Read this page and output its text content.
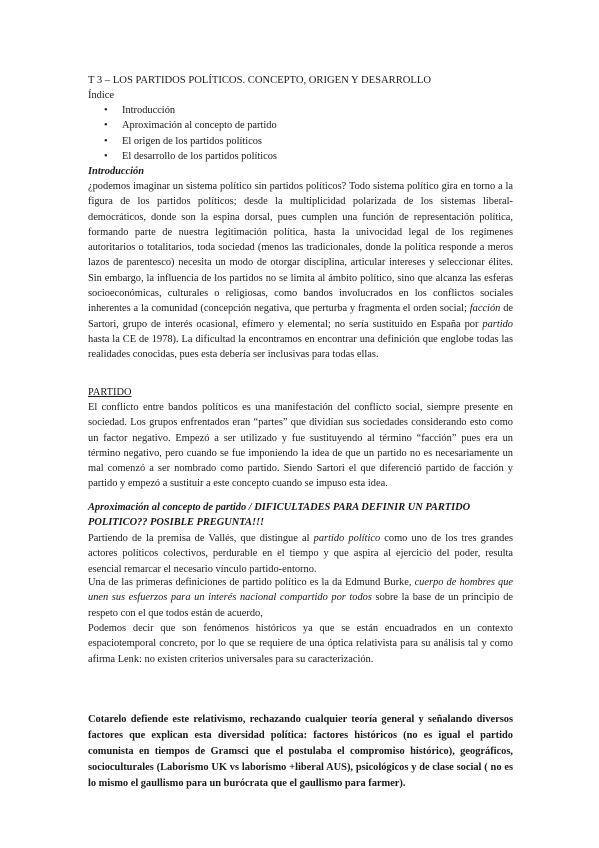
T 3 – LOS PARTIDOS POLÍTICOS. CONCEPTO, ORIGEN Y DESARROLLO
Índice
• Introducción
• Aproximación al concepto de partido
• El origen de los partidos políticos
• El desarrollo de los partidos políticos
Introducción

¿podemos imaginar un sistema político sin partidos políticos? Todo sistema político gira en torno a la figura de los partidos políticos; desde la multiplicidad polarizada de los sistemas liberal-democráticos, donde son la espina dorsal, pues cumplen una función de representación política, formando parte de nuestra legitimación política, hasta la univocidad legal de los regímenes autoritarios o totalitarios, toda sociedad (menos las tradicionales, donde la política responde a meros lazos de parentesco) necesita un modo de otorgar disciplina, articular intereses y seleccionar élites. Sin embargo, la influencia de los partidos no se limita al ámbito político, sino que alcanza las esferas socioeconómicas, culturales o religiosas, como bandos involucrados en los conflictos sociales inherentes a la comunidad (concepción negativa, que perturba y fragmenta el orden social; facción de Sartori, grupo de interés ocasional, efímero y elemental; no sería sustituido en España por partido hasta la CE de 1978). La dificultad la encontramos en encontrar una definición que englobe todas las realidades conocidas, pues esta debería ser inclusivas para todas ellas.

PARTIDO

El conflicto entre bandos políticos es una manifestación del conflicto social, siempre presente en sociedad. Los grupos enfrentados eran “partes” que dividían sus sociedades considerando esto como un factor negativo. Empezó a ser utilizado y fue sustituyendo al término “facción” pues era un término negativo, pero cuando se fue imponiendo la idea de que un partido no es necesariamente un mal comenzó a ser nombrado como partido. Siendo Sartori el que diferenció partido de facción y partido y empezó a sustituir a este concepto cuando se impuso esta idea.

Aproximación al concepto de partido / DIFICULTADES PARA DEFINIR UN PARTIDO POLITICO?? POSIBLE PREGUNTA!!!

Partiendo de la premisa de Vallés, que distingue al partido político como uno de los tres grandes actores políticos colectivos, perdurable en el tiempo y que aspira al ejercicio del poder, resulta esencial remarcar el necesario vínculo partido-entorno.

Una de las primeras definiciones de partido político es la da Edmund Burke, cuerpo de hombres que unen sus esfuerzos para un interés nacional compartido por todos sobre la base de un principio de respeto con el que todos están de acuerdo,

Podemos decir que son fenómenos históricos ya que se están encuadrados en un contexto espaciotemporal concreto, por lo que se requiere de una óptica relativista para su análisis tal y como afirma Lenk: no existen criterios universales para su caracterización.

Cotarelo defiende este relativismo, rechazando cualquier teoría general y señalando diversos factores que explican esta diversidad política: factores históricos (no es igual el partido comunista en tiempos de Gramsci que el postulaba el compromiso histórico), geográficos, socioculturales (Laborismo UK vs laborismo +liberal AUS), psicológicos y de clase social ( no es lo mismo el gaullismo para un burócrata que el gaullismo para farmer).
